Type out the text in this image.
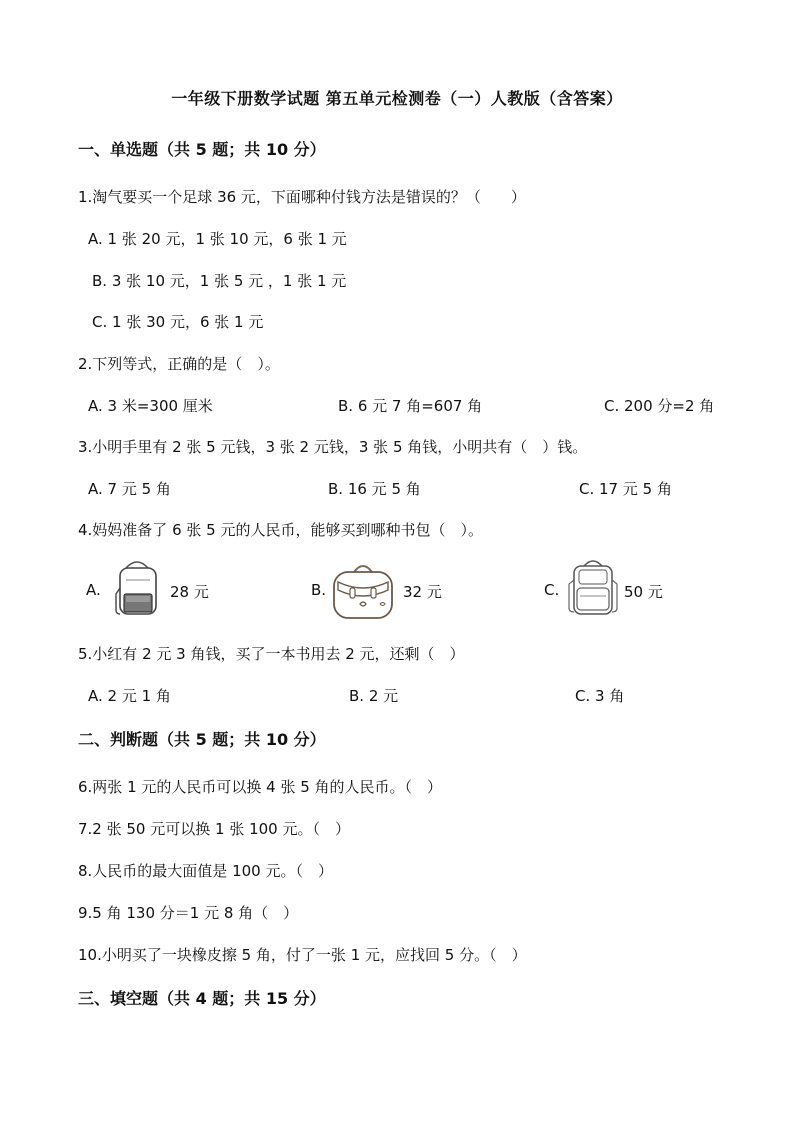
一年级下册数学试题 第五单元检测卷（一）人教版（含答案）
一、单选题（共 5 题；共 10 分）
1.淘气要买一个足球 36 元，下面哪种付钱方法是错误的？（　　）
A. 1 张 20 元，1 张 10 元，6 张 1 元
B. 3 张 10 元，1 张 5 元 ，1 张 1 元
C. 1 张 30 元，6 张 1 元
2.下列等式，正确的是（　）。
A. 3 米=300 厘米	B. 6 元 7 角=607 角	C. 200 分=2 角
3.小明手里有 2 张 5 元钱，3 张 2 元钱，3 张 5 角钱，小明共有（　）钱。
A. 7 元 5 角	B. 16 元 5 角	C. 17 元 5 角
4.妈妈准备了 6 张 5 元的人民币，能够买到哪种书包（　）。
A.	28 元	B.	32 元	C.	50 元
5.小红有 2 元 3 角钱，买了一本书用去 2 元，还剩（　）
A. 2 元 1 角	B. 2 元	C. 3 角
二、判断题（共 5 题；共 10 分）
6.两张 1 元的人民币可以换 4 张 5 角的人民币。（　）
7.2 张 50 元可以换 1 张 100 元。（　）
8.人民币的最大面值是 100 元。（　）
9.5 角 130 分＝1 元 8 角（　）
10.小明买了一块橡皮擦 5 角，付了一张 1 元，应找回 5 分。（　）
三、填空题（共 4 题；共 15 分）
